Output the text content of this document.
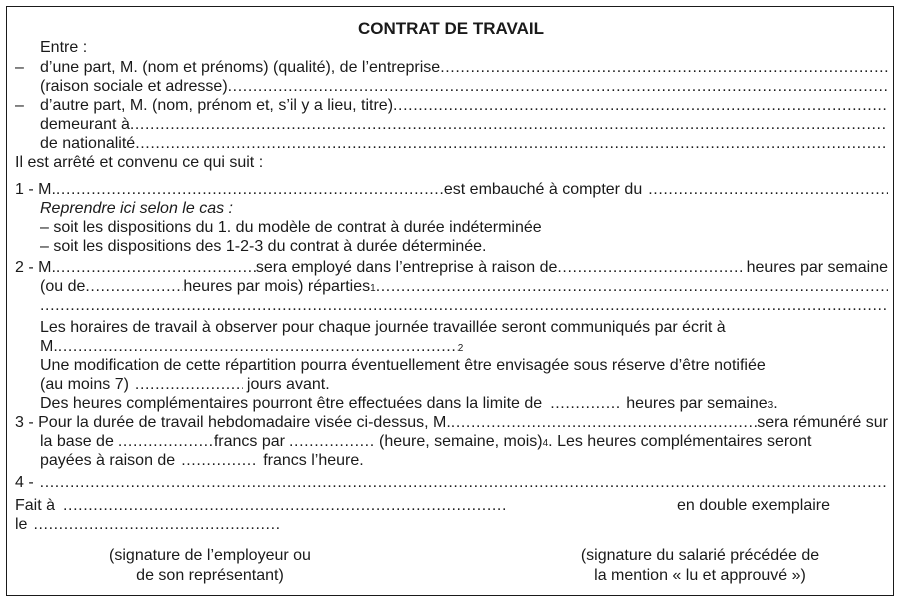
CONTRAT DE TRAVAIL
Entre :
–	d’une part, M. (nom et prénoms) (qualité), de l’entreprise
.....
(raison sociale et adresse)
.....
–	d’autre part, M. (nom, prénom et, s’il y a lieu, titre)
.....
demeurant à
.....
de nationalité
.....
Il est arrêté et convenu ce qui suit :
1 - M. .....	est embauché à compter du
.....
Reprendre ici selon le cas :
– soit les dispositions du 1. du modèle de contrat à durée indéterminée
– soit les dispositions des 1-2-3 du contrat à durée déterminée.
2 - M. .....	sera employé dans l’entreprise à raison de .....	heures par semaine
(ou de .....	heures par mois) réparties 1
.....
.....
Les horaires de travail à observer pour chaque journée travaillée seront communiqués par écrit à
M. .....	2
Une modification de cette répartition pourra éventuellement être envisagée sous réserve d’être notifiée
(au moins 7) .....	jours avant.
Des heures complémentaires pourront être effectuées dans la limite de .....	heures par semaine 3 .
3 - Pour la durée de travail hebdomadaire visée ci-dessus, M. .....	sera rémunéré sur
la base de .....	francs par .....	(heure, semaine, mois) 4 . Les heures complémentaires seront
payées à raison de .....	francs l’heure.
4 -
.....
Fait à .....	en double exemplaire
le
.....
(signature de l’employeur ou
de son représentant)
(signature du salarié précédée de
la mention « lu et approuvé »)
